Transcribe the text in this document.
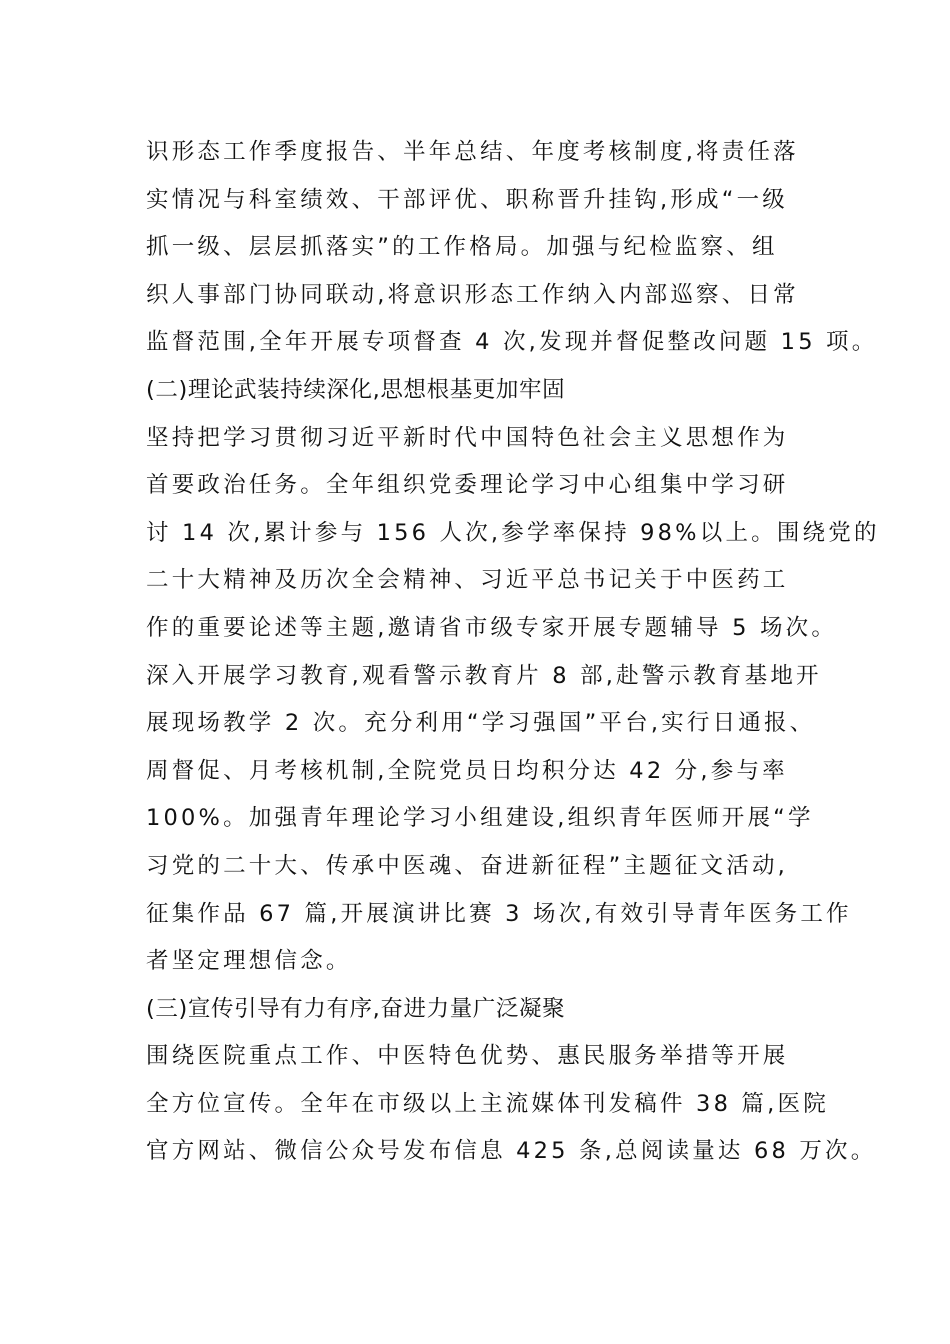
识形态工作季度报告、半年总结、年度考核制度,将责任落
实情况与科室绩效、干部评优、职称晋升挂钩,形成“一级
抓一级、层层抓落实”的工作格局。加强与纪检监察、组
织人事部门协同联动,将意识形态工作纳入内部巡察、日常
监督范围,全年开展专项督查 4 次,发现并督促整改问题 15 项。
(二)理论武装持续深化,思想根基更加牢固
坚持把学习贯彻习近平新时代中国特色社会主义思想作为
首要政治任务。全年组织党委理论学习中心组集中学习研
讨 14 次,累计参与 156 人次,参学率保持 98%以上。围绕党的
二十大精神及历次全会精神、习近平总书记关于中医药工
作的重要论述等主题,邀请省市级专家开展专题辅导 5 场次。
深入开展学习教育,观看警示教育片 8 部,赴警示教育基地开
展现场教学 2 次。充分利用“学习强国”平台,实行日通报、
周督促、月考核机制,全院党员日均积分达 42 分,参与率
100%。加强青年理论学习小组建设,组织青年医师开展“学
习党的二十大、传承中医魂、奋进新征程”主题征文活动,
征集作品 67 篇,开展演讲比赛 3 场次,有效引导青年医务工作
者坚定理想信念。
(三)宣传引导有力有序,奋进力量广泛凝聚
围绕医院重点工作、中医特色优势、惠民服务举措等开展
全方位宣传。全年在市级以上主流媒体刊发稿件 38 篇,医院
官方网站、微信公众号发布信息 425 条,总阅读量达 68 万次。
